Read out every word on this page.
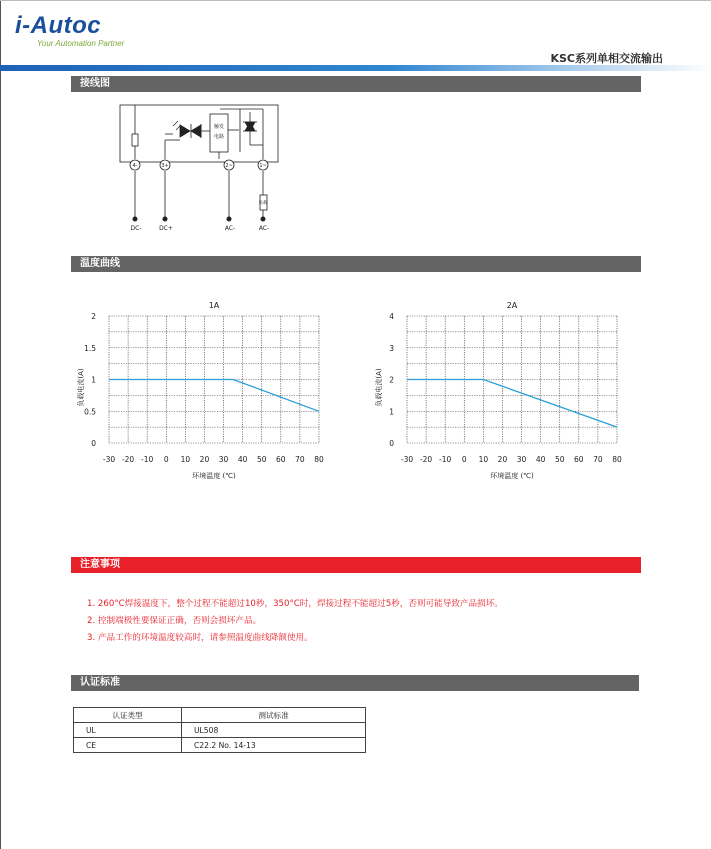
i-Autoc
Your Automation Partner
KSC系列单相交流输出
接线图
4-	3+	2~	1~
触发
电路
负载
DC-	DC+	AC-	AC-
温度曲线
1A
-30 -20 -10 0 10 20 30 40 50 60 70 80
0
0.5
1
1.5
2
环境温度 (℃)
负载电流(A)
2A
-30 -20 -10 0 10 20 30 40 50 60 70 80
0
1
2
3
4
环境温度 (℃)
负载电流(A)
注意事项
1. 260°C焊接温度下，整个过程不能超过10秒，350°C时，焊接过程不能超过5秒，否则可能导致产品损坏。
2. 控制端极性要保证正确，否则会损坏产品。
3. 产品工作的环境温度较高时，请参照温度曲线降额使用。
认证标准
认证类型	测试标准
UL	UL508
CE	C22.2 No. 14-13
